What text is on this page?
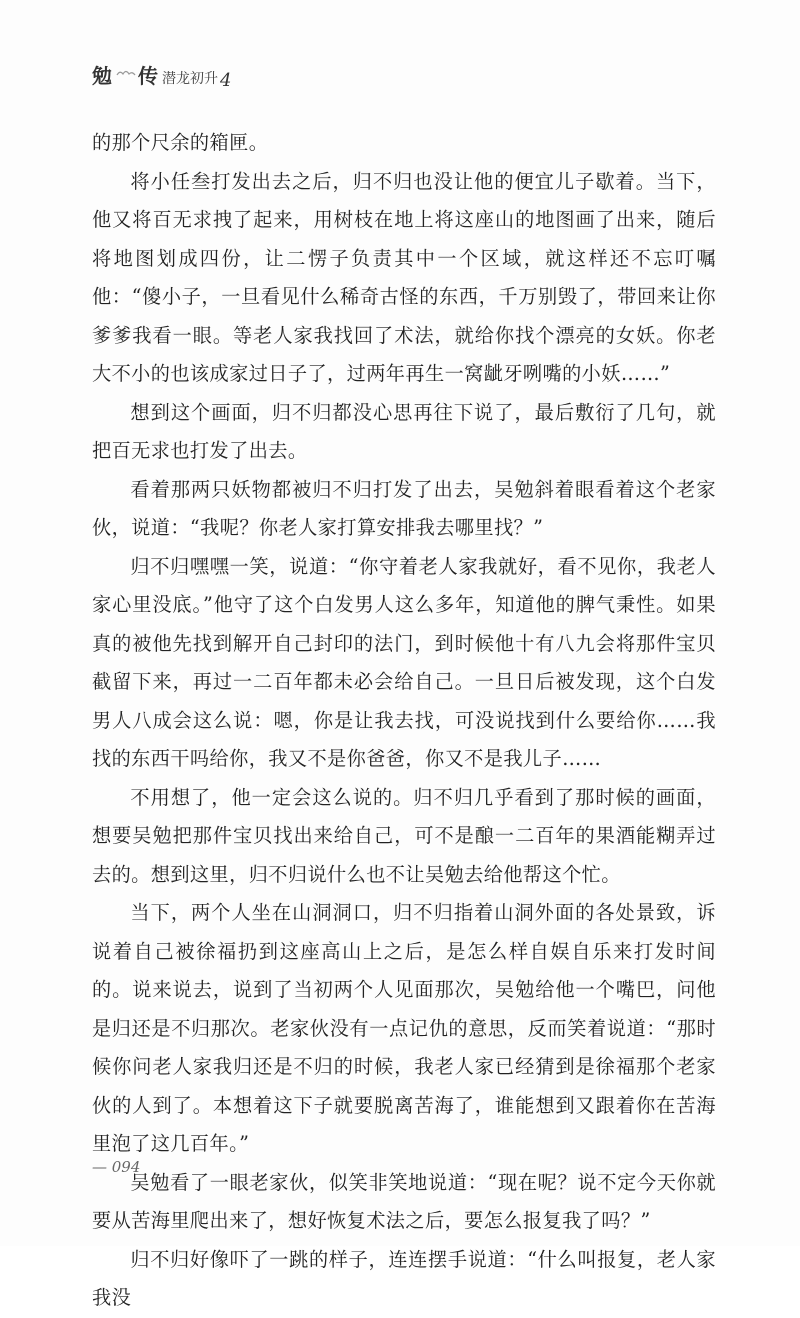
勉 传 潜龙初升 4

的那个尺余的箱匣。

将小任叁打发出去之后，归不归也没让他的便宜儿子歇着。当下，他又将百无求拽了起来，用树枝在地上将这座山的地图画了出来，随后将地图划成四份，让二愣子负责其中一个区域，就这样还不忘叮嘱他：“傻小子，一旦看见什么稀奇古怪的东西，千万别毁了，带回来让你爹爹我看一眼。等老人家我找回了术法，就给你找个漂亮的女妖。你老大不小的也该成家过日子了，过两年再生一窝龇牙咧嘴的小妖……”

想到这个画面，归不归都没心思再往下说了，最后敷衍了几句，就把百无求也打发了出去。

看着那两只妖物都被归不归打发了出去，吴勉斜着眼看着这个老家伙，说道：“我呢？你老人家打算安排我去哪里找？”

归不归嘿嘿一笑，说道：“你守着老人家我就好，看不见你，我老人家心里没底。”他守了这个白发男人这么多年，知道他的脾气秉性。如果真的被他先找到解开自己封印的法门，到时候他十有八九会将那件宝贝截留下来，再过一二百年都未必会给自己。一旦日后被发现，这个白发男人八成会这么说：嗯，你是让我去找，可没说找到什么要给你……我找的东西干吗给你，我又不是你爸爸，你又不是我儿子……

不用想了，他一定会这么说的。归不归几乎看到了那时候的画面，想要吴勉把那件宝贝找出来给自己，可不是酿一二百年的果酒能糊弄过去的。想到这里，归不归说什么也不让吴勉去给他帮这个忙。

当下，两个人坐在山洞洞口，归不归指着山洞外面的各处景致，诉说着自己被徐福扔到这座高山上之后，是怎么样自娱自乐来打发时间的。说来说去，说到了当初两个人见面那次，吴勉给他一个嘴巴，问他是归还是不归那次。老家伙没有一点记仇的意思，反而笑着说道：“那时候你问老人家我归还是不归的时候，我老人家已经猜到是徐福那个老家伙的人到了。本想着这下子就要脱离苦海了，谁能想到又跟着你在苦海里泡了这几百年。”

吴勉看了一眼老家伙，似笑非笑地说道：“现在呢？说不定今天你就要从苦海里爬出来了，想好恢复术法之后，要怎么报复我了吗？”

归不归好像吓了一跳的样子，连连摆手说道：“什么叫报复，老人家我没

— 094
